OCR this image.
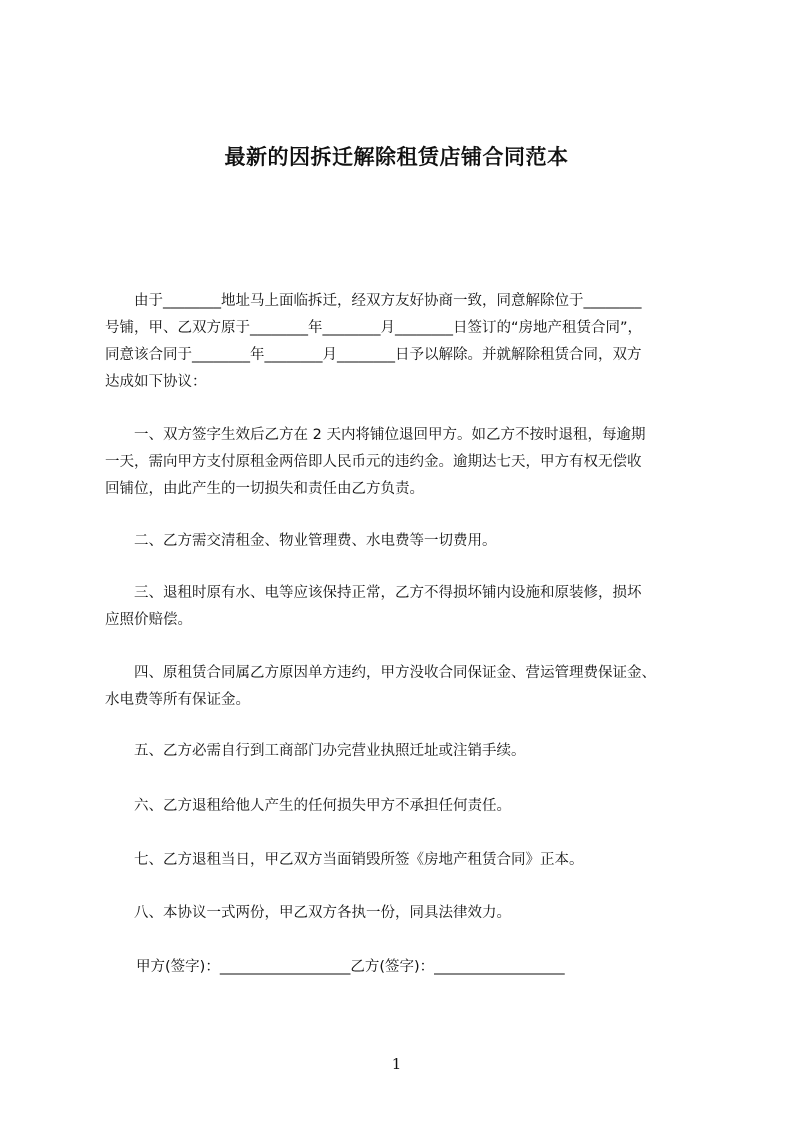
最新的因拆迁解除租赁店铺合同范本
　　由于________地址马上面临拆迁，经双方友好协商一致，同意解除位于________
号铺，甲、乙双方原于________年________月________日签订的“房地产租赁合同”，
同意该合同于________年________月________日予以解除。并就解除租赁合同，双方
达成如下协议：
　　一、双方签字生效后乙方在 2 天内将铺位退回甲方。如乙方不按时退租，每逾期
一天，需向甲方支付原租金两倍即人民币元的违约金。逾期达七天，甲方有权无偿收
回铺位，由此产生的一切损失和责任由乙方负责。
　　二、乙方需交清租金、物业管理费、水电费等一切费用。
　　三、退租时原有水、电等应该保持正常，乙方不得损坏铺内设施和原装修，损坏
应照价赔偿。
　　四、原租赁合同属乙方原因单方违约，甲方没收合同保证金、营运管理费保证金、
水电费等所有保证金。
　　五、乙方必需自行到工商部门办完营业执照迁址或注销手续。
　　六、乙方退租给他人产生的任何损失甲方不承担任何责任。
　　七、乙方退租当日，甲乙双方当面销毁所签《房地产租赁合同》正本。
　　八、本协议一式两份，甲乙双方各执一份，同具法律效力。
甲方(签字)：__________________乙方(签字)：__________________
1
